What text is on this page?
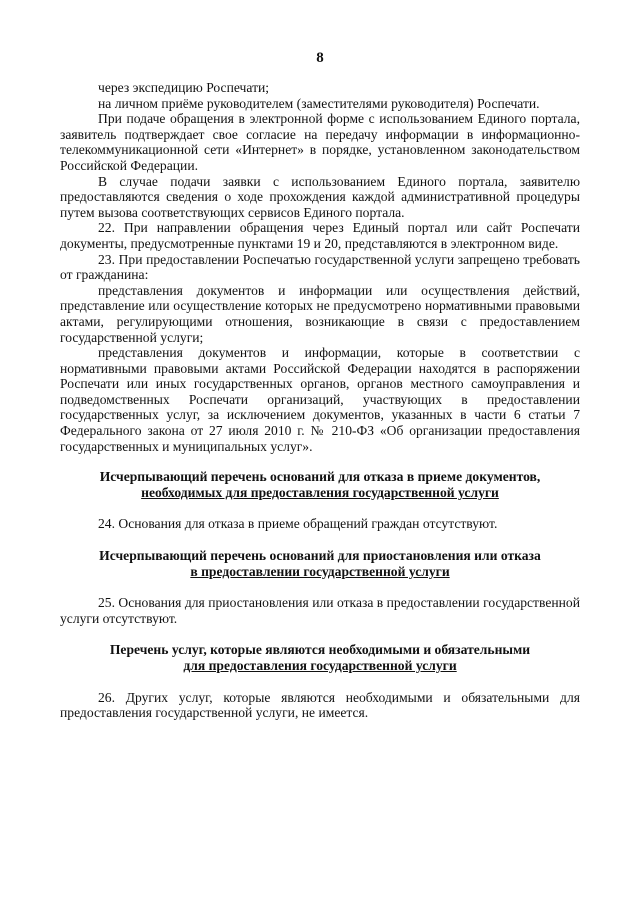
8

через экспедицию Роспечати;

на личном приёме руководителем (заместителями руководителя) Роспечати.

При подаче обращения в электронной форме с использованием Единого портала, заявитель подтверждает свое согласие на передачу информации в информационно-телекоммуникационной сети «Интернет» в порядке, установленном законодательством Российской Федерации.

В случае подачи заявки с использованием Единого портала, заявителю предоставляются сведения о ходе прохождения каждой административной процедуры путем вызова соответствующих сервисов Единого портала.

22. При направлении обращения через Единый портал или сайт Роспечати документы, предусмотренные пунктами 19 и 20, представляются в электронном виде.

23. При предоставлении Роспечатью государственной услуги запрещено требовать от гражданина:

представления документов и информации или осуществления действий, представление или осуществление которых не предусмотрено нормативными правовыми актами, регулирующими отношения, возникающие в связи с предоставлением государственной услуги;

представления документов и информации, которые в соответствии с нормативными правовыми актами Российской Федерации находятся в распоряжении Роспечати или иных государственных органов, органов местного самоуправления и подведомственных Роспечати организаций, участвующих в предоставлении государственных услуг, за исключением документов, указанных в части 6 статьи 7 Федерального закона от 27 июля 2010 г. № 210-ФЗ «Об организации предоставления государственных и муниципальных услуг».

Исчерпывающий перечень оснований для отказа в приеме документов,
необходимых для предоставления государственной услуги

24. Основания для отказа в приеме обращений граждан отсутствуют.

Исчерпывающий перечень оснований для приостановления или отказа
в предоставлении государственной услуги

25. Основания для приостановления или отказа в предоставлении государственной услуги отсутствуют.

Перечень услуг, которые являются необходимыми и обязательными
для предоставления государственной услуги

26. Других услуг, которые являются необходимыми и обязательными для предоставления государственной услуги, не имеется.
